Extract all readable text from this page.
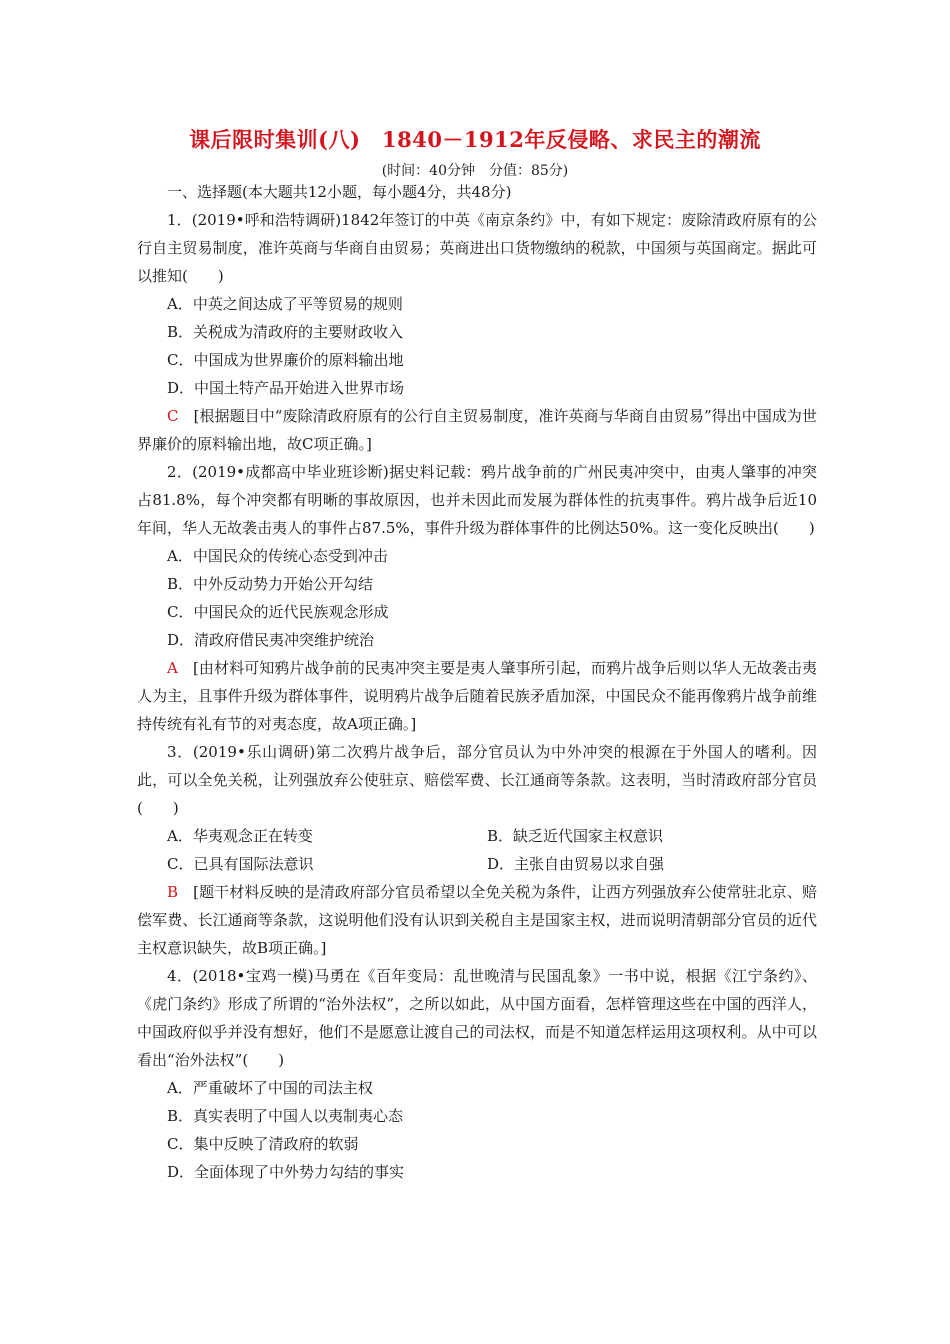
课后限时集训(八)　1840－1912年反侵略、求民主的潮流
(时间：40分钟　分值：85分)

一、选择题(本大题共12小题，每小题4分，共48分)

1．(2019•呼和浩特调研)1842年签订的中英《南京条约》中，有如下规定：废除清政府原有的公行自主贸易制度，准许英商与华商自由贸易；英商进出口货物缴纳的税款，中国须与英国商定。据此可以推知(　　)

A．中英之间达成了平等贸易的规则

B．关税成为清政府的主要财政收入

C．中国成为世界廉价的原料输出地

D．中国土特产品开始进入世界市场

C　[根据题目中“废除清政府原有的公行自主贸易制度，准许英商与华商自由贸易”得出中国成为世界廉价的原料输出地，故C项正确。]

2．(2019•成都高中毕业班诊断)据史料记载：鸦片战争前的广州民夷冲突中，由夷人肇事的冲突占81.8%，每个冲突都有明晰的事故原因，也并未因此而发展为群体性的抗夷事件。鸦片战争后近10年间，华人无故袭击夷人的事件占87.5%，事件升级为群体事件的比例达50%。这一变化反映出(　　)

A．中国民众的传统心态受到冲击

B．中外反动势力开始公开勾结

C．中国民众的近代民族观念形成

D．清政府借民夷冲突维护统治

A　[由材料可知鸦片战争前的民夷冲突主要是夷人肇事所引起，而鸦片战争后则以华人无故袭击夷人为主，且事件升级为群体事件，说明鸦片战争后随着民族矛盾加深，中国民众不能再像鸦片战争前维持传统有礼有节的对夷态度，故A项正确。]

3．(2019•乐山调研)第二次鸦片战争后，部分官员认为中外冲突的根源在于外国人的嗜利。因此，可以全免关税，让列强放弃公使驻京、赔偿军费、长江通商等条款。这表明，当时清政府部分官员(　　)

A．华夷观念正在转变	B．缺乏近代国家主权意识

C．已具有国际法意识	D．主张自由贸易以求自强

B　[题干材料反映的是清政府部分官员希望以全免关税为条件，让西方列强放弃公使常驻北京、赔偿军费、长江通商等条款，这说明他们没有认识到关税自主是国家主权，进而说明清朝部分官员的近代主权意识缺失，故B项正确。]

4．(2018•宝鸡一模)马勇在《百年变局：乱世晚清与民国乱象》一书中说，根据《江宁条约》、《虎门条约》形成了所谓的“治外法权”，之所以如此，从中国方面看，怎样管理这些在中国的西洋人，中国政府似乎并没有想好，他们不是愿意让渡自己的司法权，而是不知道怎样运用这项权利。从中可以看出“治外法权”(　　)

A．严重破坏了中国的司法主权

B．真实表明了中国人以夷制夷心态

C．集中反映了清政府的软弱

D．全面体现了中外势力勾结的事实
